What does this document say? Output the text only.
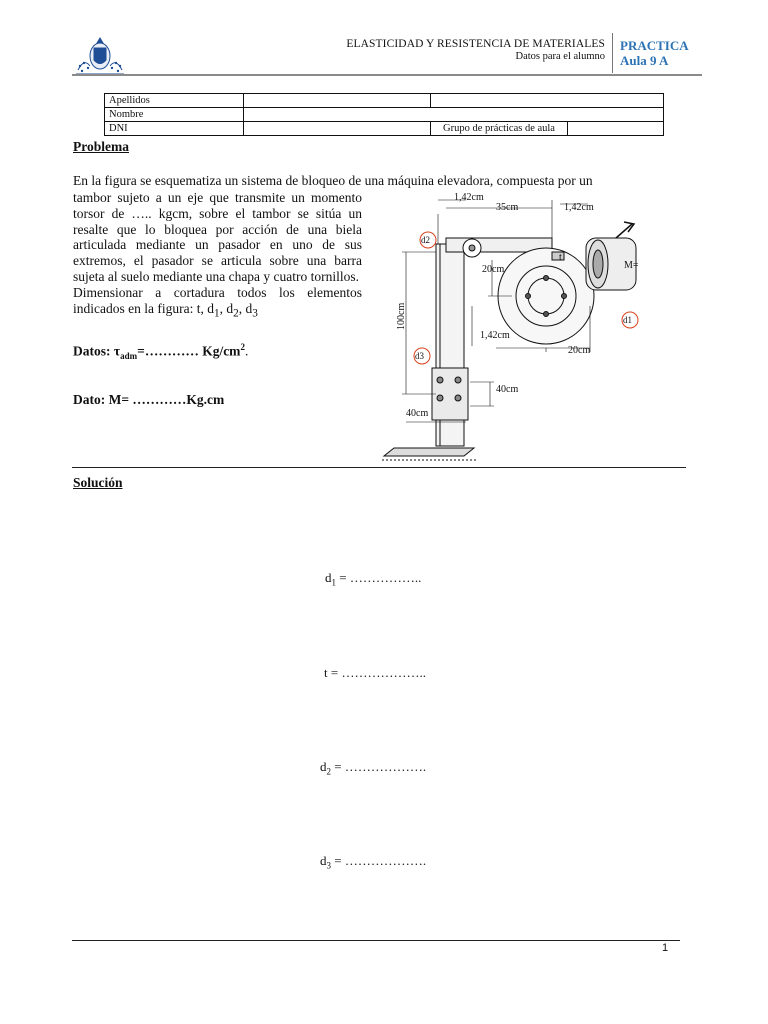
ELASTICIDAD Y RESISTENCIA DE MATERIALES
Datos para el alumno
PRACTICA
Aula 9 A
Apellidos			
Nombre			
DNI		Grupo de prácticas de aula	
Problema
En la figura se esquematiza un sistema de bloqueo de una máquina elevadora, compuesta por un

tambor sujeto a un eje que transmite un momento torsor de ….. kgcm, sobre el tambor se sitúa un resalte que lo bloquea por acción de una biela articulada mediante un pasador en uno de sus extremos, el pasador se articula sobre una barra sujeta al suelo mediante una chapa y cuatro tornillos.

Dimensionar a cortadura todos los elementos indicados en la figura: t, $d_1$, $d_2$, $d_3$

Datos: $\tau_{adm}=\dots\dots\dots\dots$ $Kg/cm^2$.
Dato: M= …………Kg.cm
1,42cm
35cm	1,42cm
20cm
100cm
1,42cm
20cm
40cm
40cm
M=
t
d2
d1
d3
Solución
$d_1$ = ……………..
t = ………………..
$d_2$ = ……………….
$d_3$ = ……………….
1
